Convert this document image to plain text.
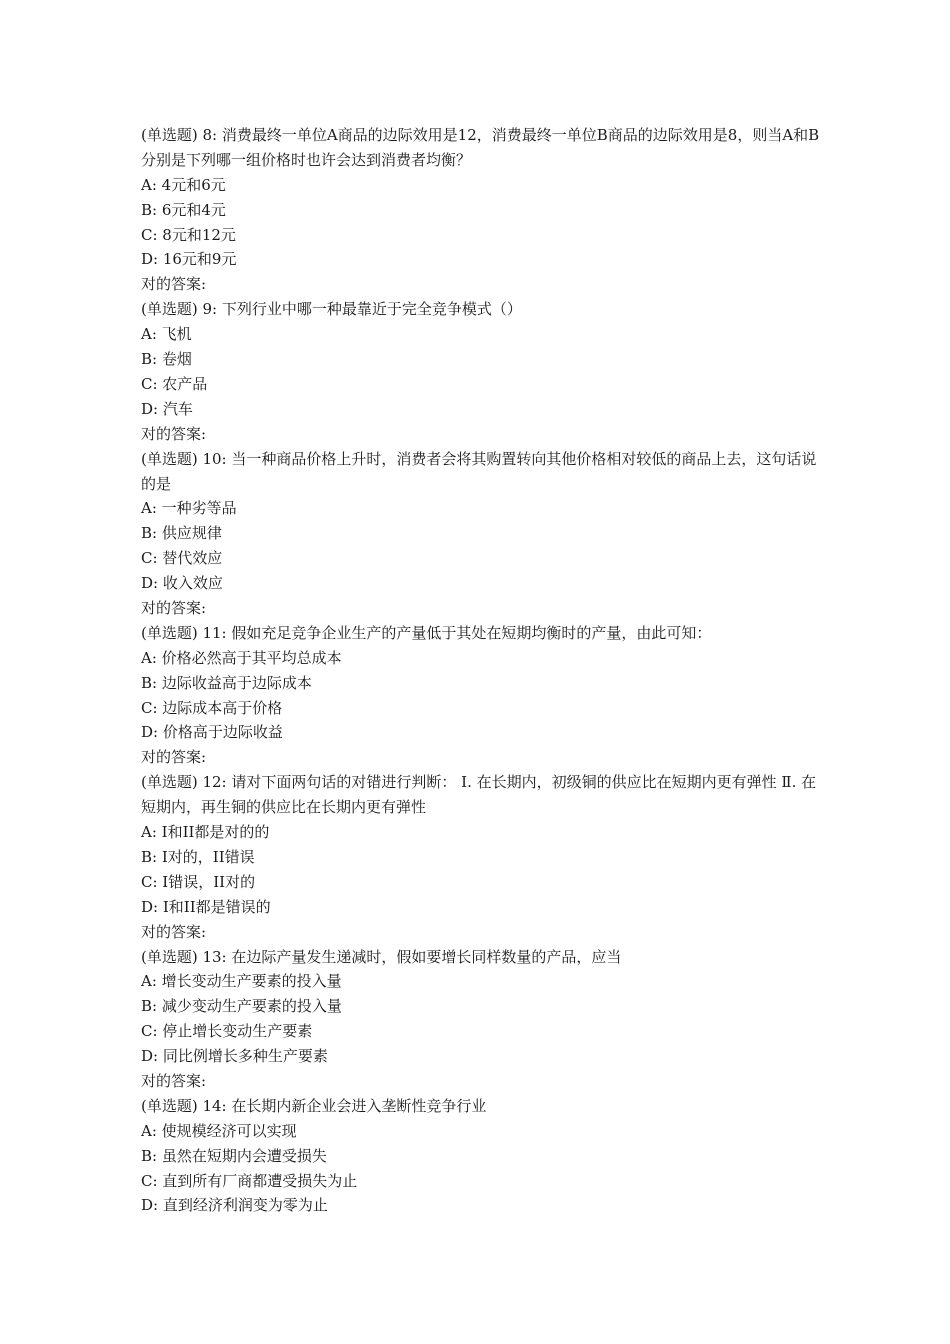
(单选题) 8: 消费最终一单位A商品的边际效用是12，消费最终一单位B商品的边际效用是8，则当A和B分别是下列哪一组价格时也许会达到消费者均衡？
A: 4元和6元
B: 6元和4元
C: 8元和12元
D: 16元和9元
对的答案:
(单选题) 9: 下列行业中哪一种最靠近于完全竞争模式（）
A: 飞机
B: 卷烟
C: 农产品
D: 汽车
对的答案:
(单选题) 10: 当一种商品价格上升时，消费者会将其购置转向其他价格相对较低的商品上去，这句话说的是
A: 一种劣等品
B: 供应规律
C: 替代效应
D: 收入效应
对的答案:
(单选题) 11: 假如充足竞争企业生产的产量低于其处在短期均衡时的产量，由此可知：
A: 价格必然高于其平均总成本
B: 边际收益高于边际成本
C: 边际成本高于价格
D: 价格高于边际收益
对的答案:
(单选题) 12: 请对下面两句话的对错进行判断： Ⅰ. 在长期内，初级铜的供应比在短期内更有弹性 Ⅱ. 在短期内，再生铜的供应比在长期内更有弹性
A: I和II都是对的的
B: I对的，II错误
C: I错误，II对的
D: I和II都是错误的
对的答案:
(单选题) 13: 在边际产量发生递减时，假如要增长同样数量的产品，应当
A: 增长变动生产要素的投入量
B: 减少变动生产要素的投入量
C: 停止增长变动生产要素
D: 同比例增长多种生产要素
对的答案:
(单选题) 14: 在长期内新企业会进入垄断性竞争行业
A: 使规模经济可以实现
B: 虽然在短期内会遭受损失
C: 直到所有厂商都遭受损失为止
D: 直到经济利润变为零为止
